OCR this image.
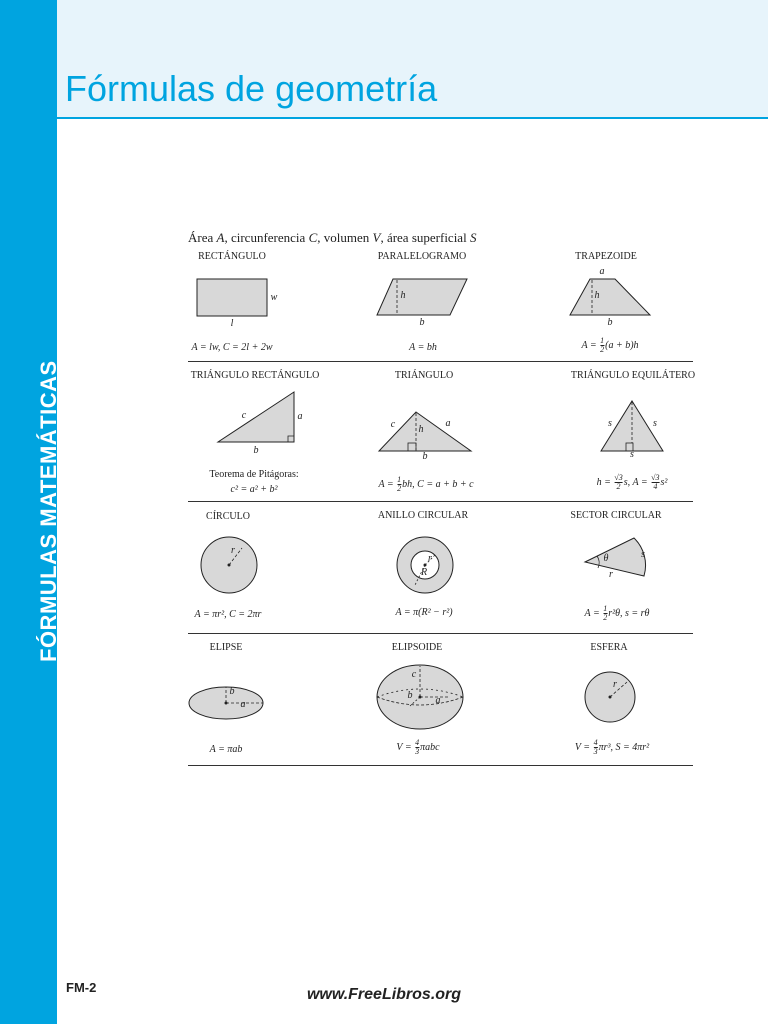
FÓRMULAS MATEMÁTICAS
Fórmulas de geometría
Área A, circunferencia C, volumen V, área superficial S
RECTÁNGULO	PARALELOGRAMO	TRAPEZOIDE
w
l
h
b
a
h
b
A = lw, C = 2l + 2w	A = bh	$A = \frac{1}{2} (a + b)h$
TRIÁNGULO RECTÁNGULO	TRIÁNGULO	TRIÁNGULO EQUILÁTERO
c	a
b
c h
a
b
s	s
s
Teorema de Pitágoras:
c² = a² + b²	$A = \frac{1}{2}$ bh, C = a + b + c	$h = \frac{√3}{2} s$, $A = \frac{√3}{4} s^2$
CÍRCULO	ANILLO CIRCULAR	SECTOR CIRCULAR
r
r
R
θ	s
r
A = πr², C = 2πr	A = π(R² − r²)	$A = \frac{1}{2} r^2\theta$, s = rθ
ELIPSE	ELIPSOIDE	ESFERA
b
a
c
b a
r
A = πab	$V = \frac{4}{3}$ πabc	$V = \frac{4}{3} \pi r^3$, S = 4πr²
FM-2	www.FreeLibros.org
